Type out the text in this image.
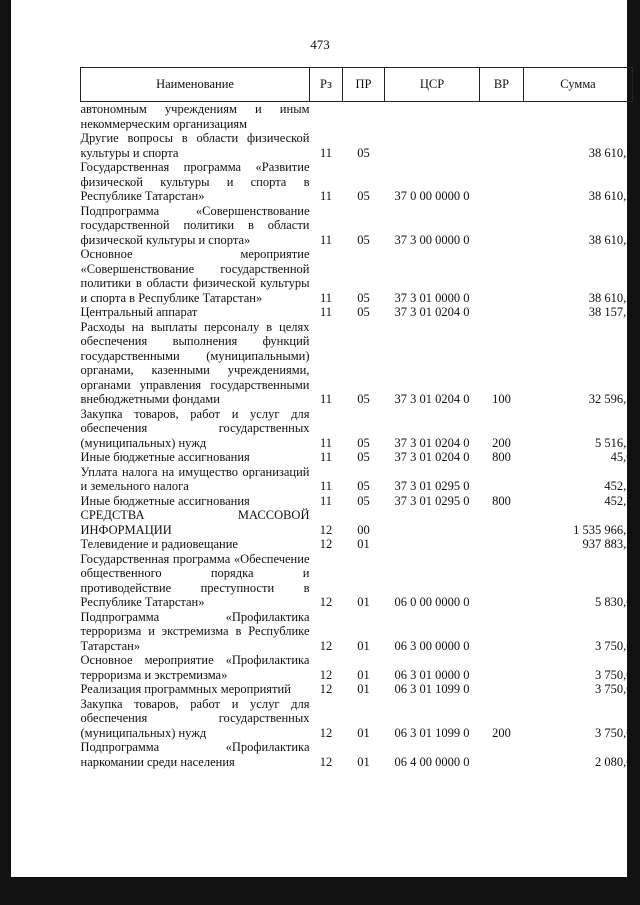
473
Наименование	Рз	ПР	ЦСР	ВР	Сумма
автономным учреждениям и иным некоммерческим организациям					
Другие вопросы в области физической культуры и спорта	11	05			38 610,2
Государственная программа «Развитие физической культуры и спорта в Республике Татарстан»	11	05	37 0 00 0000 0		38 610,2
Подпрограмма «Совершенствование государственной политики в области физической культуры и спорта»	11	05	37 3 00 0000 0		38 610,2
Основное мероприятие «Совершенствование государственной политики в области физической культуры и спорта в Республике Татарстан»	11	05	37 3 01 0000 0		38 610,2
Центральный аппарат	11	05	37 3 01 0204 0		38 157,5
Расходы на выплаты персоналу в целях обеспечения выполнения функций государственными (муниципальными) органами, казенными учреждениями, органами управления государственными внебюджетными фондами	11	05	37 3 01 0204 0	100	32 596,3
Закупка товаров, работ и услуг для обеспечения государственных (муниципальных) нужд	11	05	37 3 01 0204 0	200	5 516,2
Иные бюджетные ассигнования	11	05	37 3 01 0204 0	800	45,0
Уплата налога на имущество организаций и земельного налога	11	05	37 3 01 0295 0		452,7
Иные бюджетные ассигнования	11	05	37 3 01 0295 0	800	452,7
СРЕДСТВА МАССОВОЙ ИНФОРМАЦИИ	12	00			1 535 966,5
Телевидение и радиовещание	12	01			937 883,2
Государственная программа «Обеспечение общественного порядка и противодействие преступности в Республике Татарстан»	12	01	06 0 00 0000 0		5 830,0
Подпрограмма «Профилактика терроризма и экстремизма в Республике Татарстан»	12	01	06 3 00 0000 0		3 750,0
Основное мероприятие «Профилактика терроризма и экстремизма»	12	01	06 3 01 0000 0		3 750,0
Реализация программных мероприятий	12	01	06 3 01 1099 0		3 750,0
Закупка товаров, работ и услуг для обеспечения государственных (муниципальных) нужд	12	01	06 3 01 1099 0	200	3 750,0
Подпрограмма «Профилактика наркомании среди населения	12	01	06 4 00 0000 0		2 080,0
